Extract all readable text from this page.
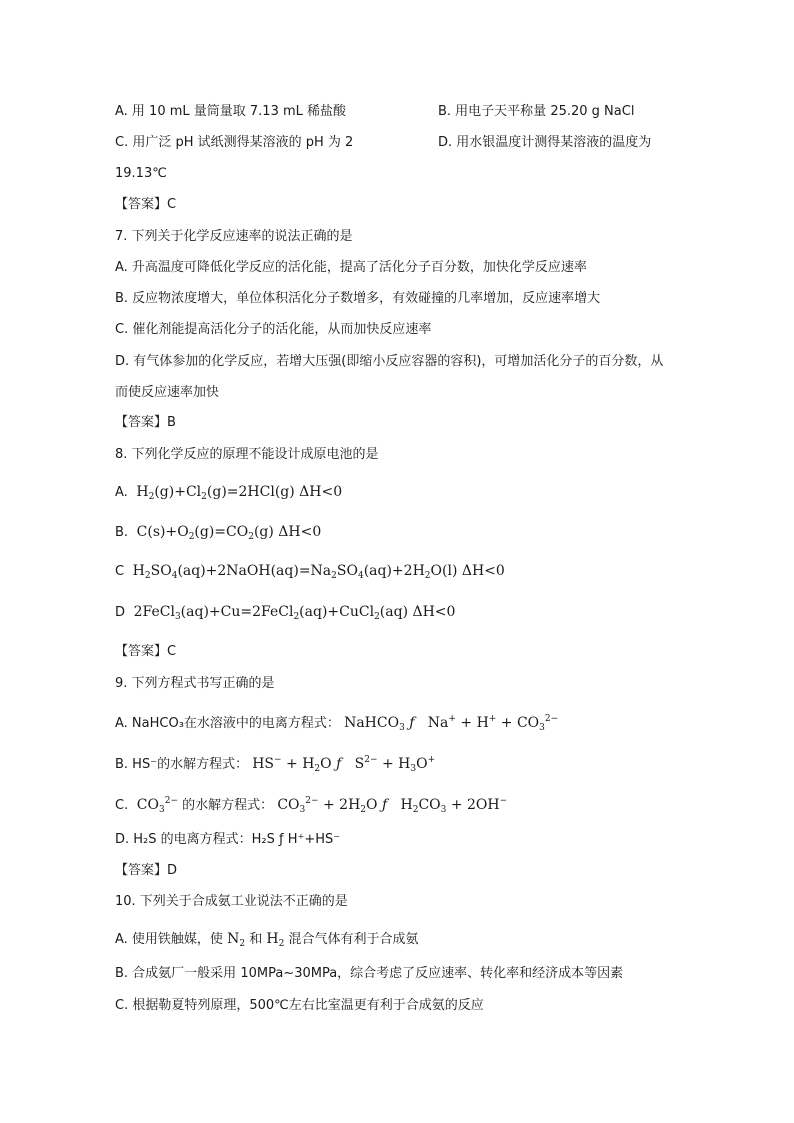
A. 用 10 mL 量筒量取 7.13 mL 稀盐酸	B. 用电子天平称量 25.20 g NaCl
C. 用广泛 pH 试纸测得某溶液的 pH 为 2	D. 用水银温度计测得某溶液的温度为
19.13℃
【答案】C
7. 下列关于化学反应速率的说法正确的是
A. 升高温度可降低化学反应的活化能，提高了活化分子百分数，加快化学反应速率
B. 反应物浓度增大，单位体积活化分子数增多，有效碰撞的几率增加，反应速率增大
C. 催化剂能提高活化分子的活化能，从而加快反应速率
D. 有气体参加的化学反应，若增大压强(即缩小反应容器的容积)，可增加活化分子的百分数，从
而使反应速率加快
【答案】B
8. 下列化学反应的原理不能设计成原电池的是
A.  $H_2(g)+Cl_2(g)=2HCl(g)$ ΔH<0
B.  $C(s)+O_2(g)=CO_2(g)$ ΔH<0
C  $H_2SO_4(aq)+2NaOH(aq)=Na_2SO_4(aq)+2H_2O(l)$ ΔH<0
D  2FeCl$_3$(aq)+Cu=2FeCl$_2$(aq)+CuCl$_2$(aq) ΔH<0
【答案】C
9. 下列方程式书写正确的是
A. NaHCO₃在水溶液中的电离方程式： NaHCO$_3$ ƒ   $Na^+ + H^+ + CO_3^{2-}$
B. HS⁻的水解方程式： $HS^- + H_2O$ ƒ   $S^{2-} + H_3O^+$
C.  $CO_3^{2-}$ 的水解方程式： $CO_3^{2-} + 2H_2O$ ƒ   $H_2CO_3 + 2OH^-$
D. H₂S 的电离方程式：H₂S ƒ H⁺+HS⁻
【答案】D
10. 下列关于合成氨工业说法不正确的是
A. 使用铁触媒，使 $N_2$ 和 $H_2$ 混合气体有利于合成氨
B. 合成氨厂一般采用 10MPa~30MPa，综合考虑了反应速率、转化率和经济成本等因素
C. 根据勒夏特列原理，500℃左右比室温更有利于合成氨的反应
